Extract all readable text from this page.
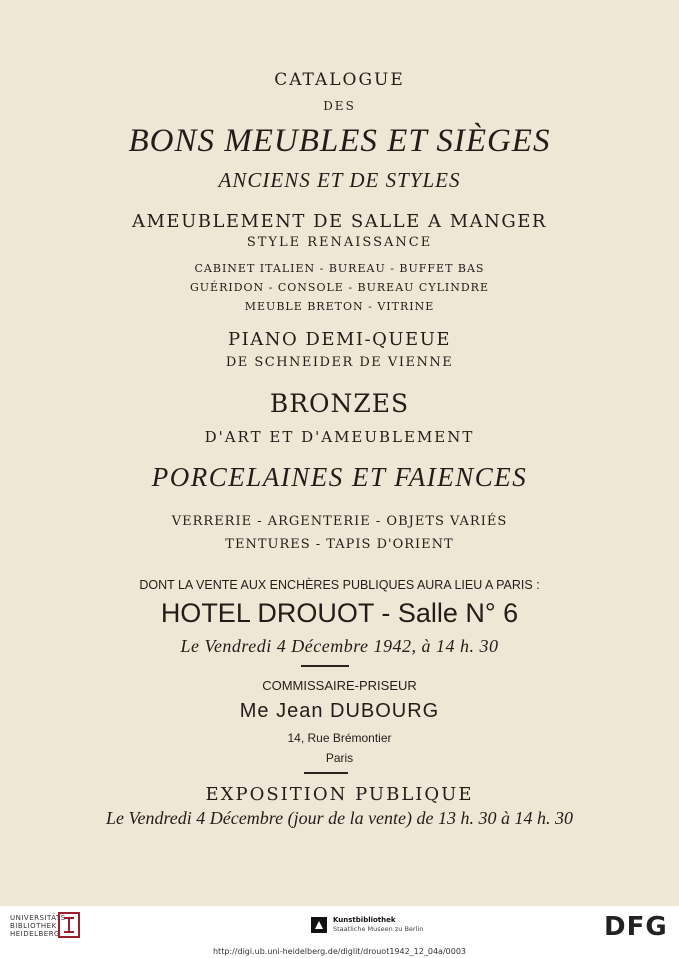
CATALOGUE
DES
BONS MEUBLES ET SIÈGES
ANCIENS ET DE STYLES
AMEUBLEMENT DE SALLE A MANGER
STYLE RENAISSANCE
CABINET ITALIEN - BUREAU - BUFFET BAS
GUÉRIDON - CONSOLE - BUREAU CYLINDRE
MEUBLE BRETON - VITRINE
PIANO DEMI-QUEUE
DE SCHNEIDER DE VIENNE
BRONZES
D'ART ET D'AMEUBLEMENT
PORCELAINES ET FAIENCES
VERRERIE - ARGENTERIE - OBJETS VARIÉS
TENTURES - TAPIS D'ORIENT
DONT LA VENTE AUX ENCHÈRES PUBLIQUES AURA LIEU A PARIS :
HOTEL DROUOT - Salle N° 6
Le Vendredi 4 Décembre 1942, à 14 h. 30
COMMISSAIRE-PRISEUR
Me Jean DUBOURG
14, Rue Brémontier
Paris
EXPOSITION PUBLIQUE
Le Vendredi 4 Décembre (jour de la vente) de 13 h. 30 à 14 h. 30
UNIVERSITÄTS-
BIBLIOTHEK
HEIDELBERG
Kunstbibliothek
Staatliche Museen zu Berlin	DFG
http://digi.ub.uni-heidelberg.de/diglit/drouot1942_12_04a/0003
